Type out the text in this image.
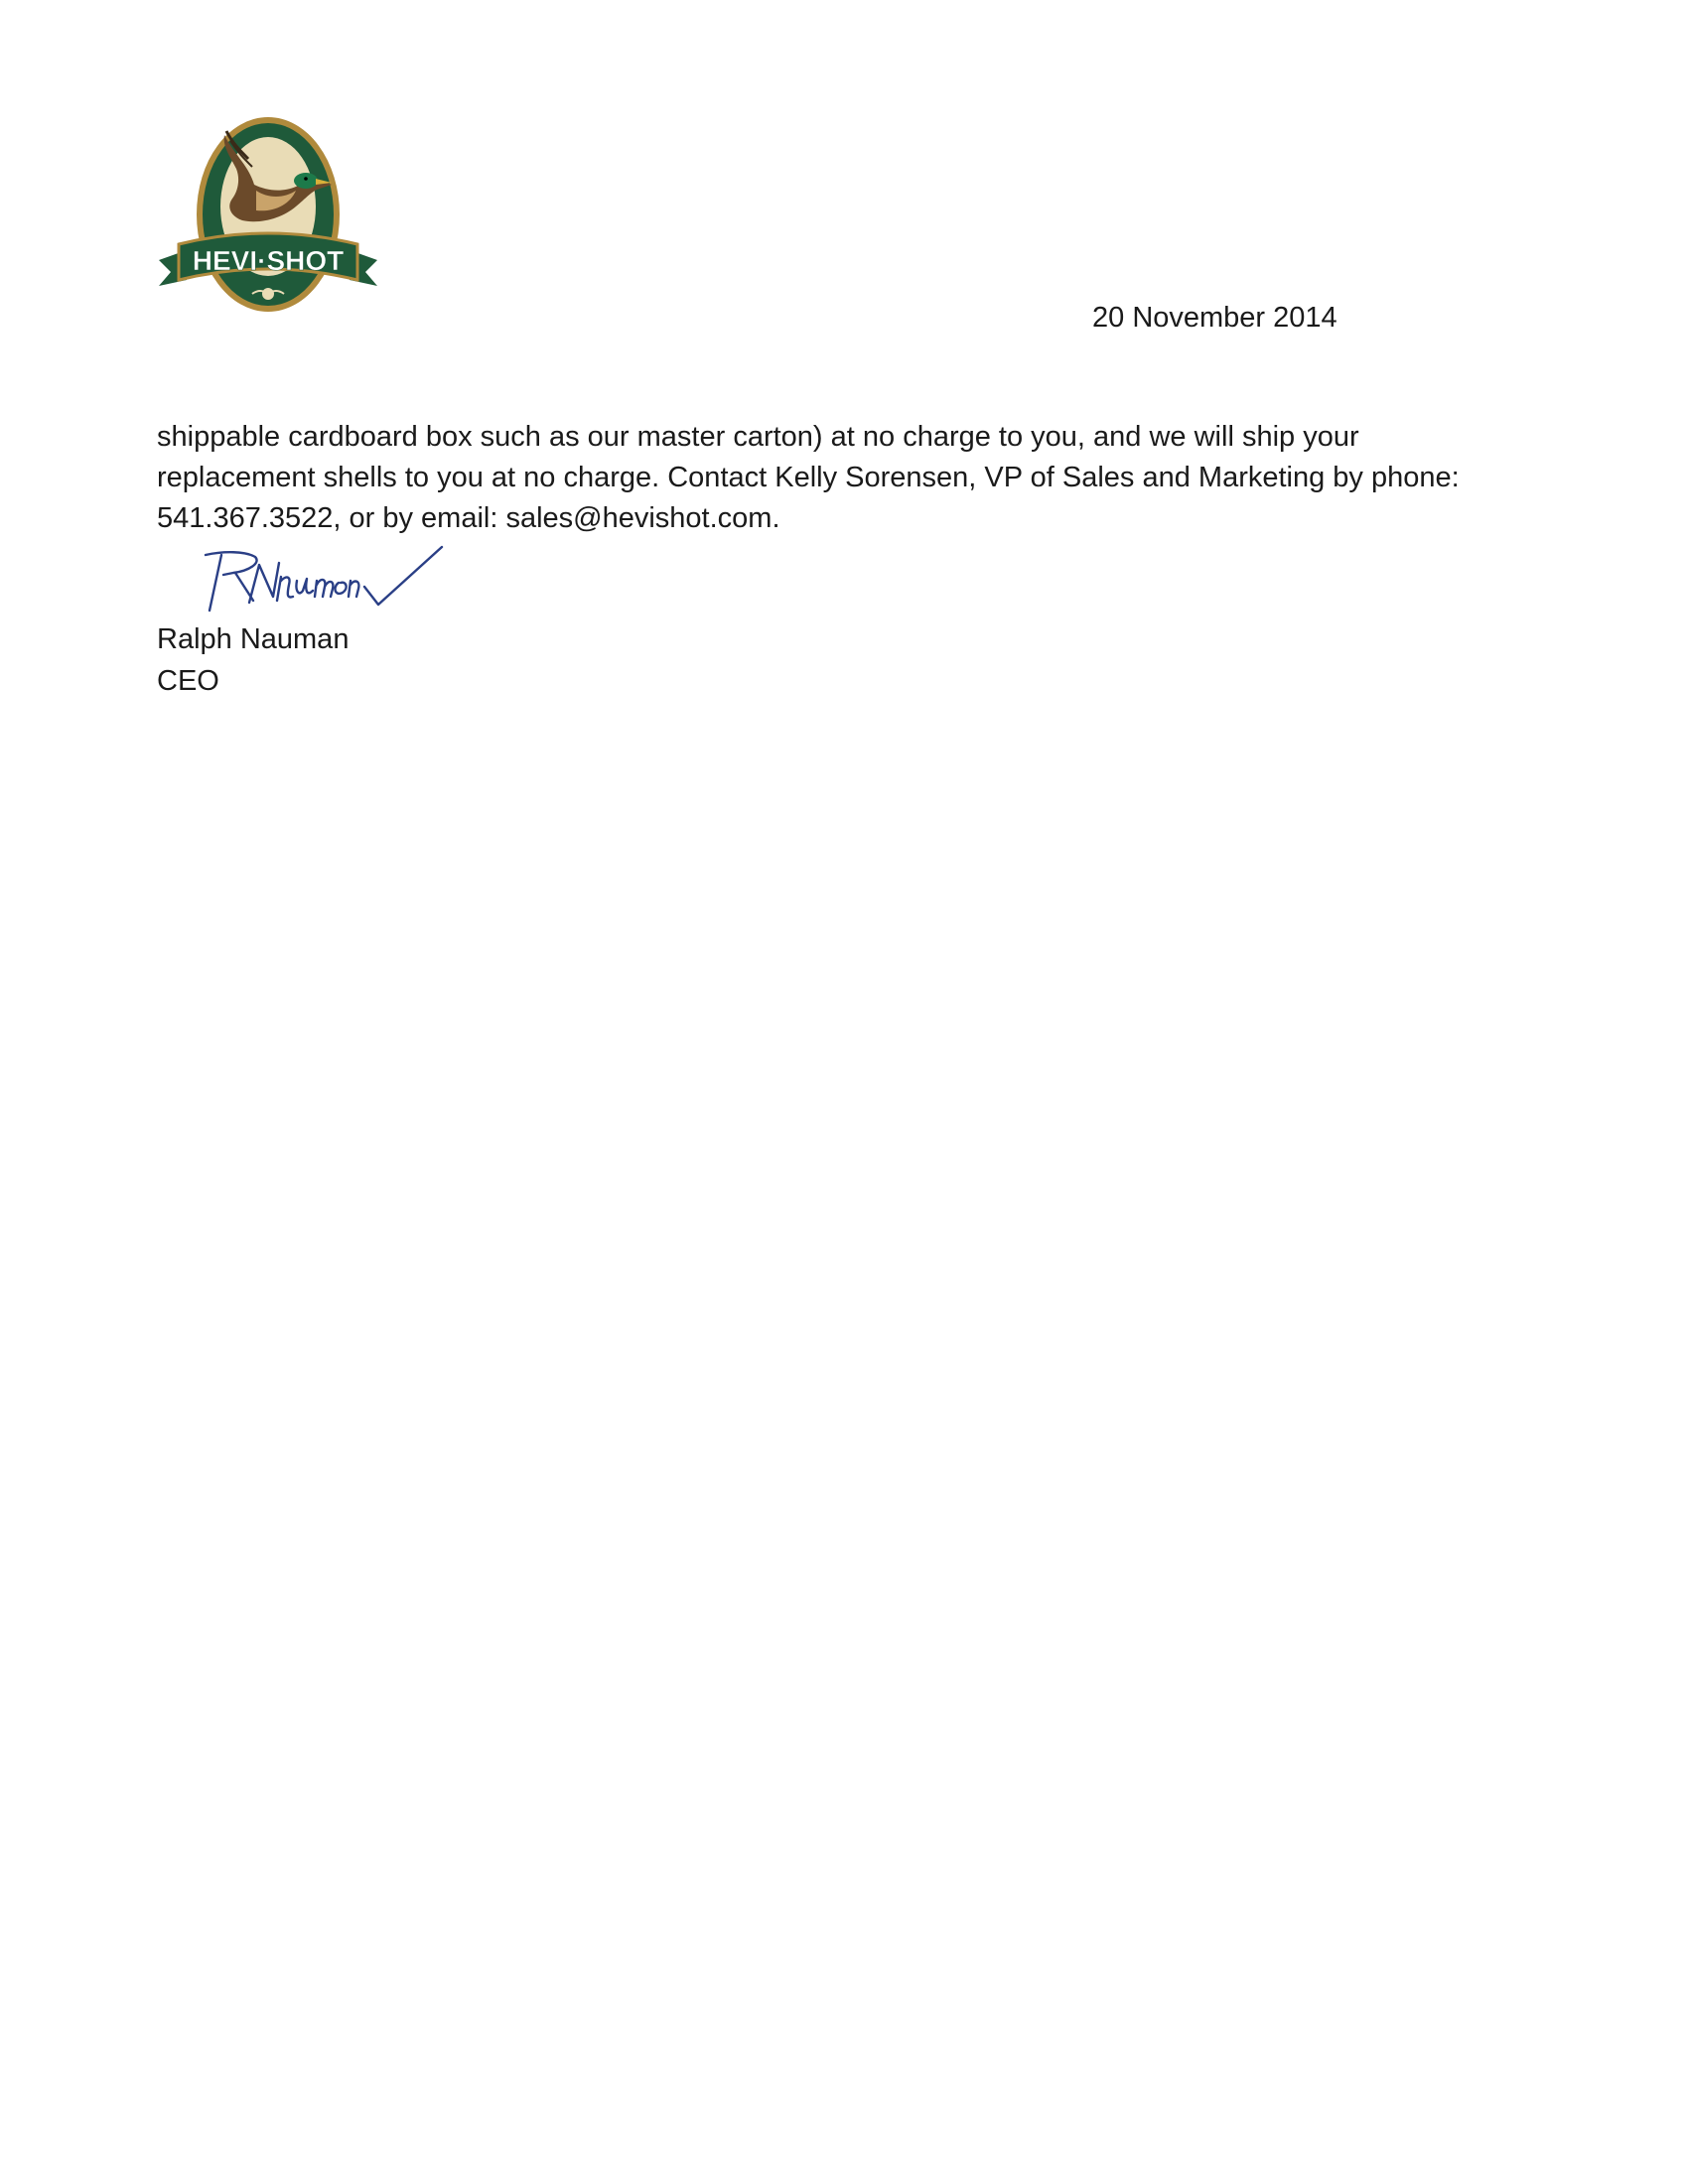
HEVI·SHOT
20 November 2014

shippable cardboard box such as our master carton) at no charge to you, and we will ship your
replacement shells to you at no charge. Contact Kelly Sorensen, VP of Sales and Marketing by phone:
541.367.3522, or by email: sales@hevishot.com.

Ralph Nauman
CEO
